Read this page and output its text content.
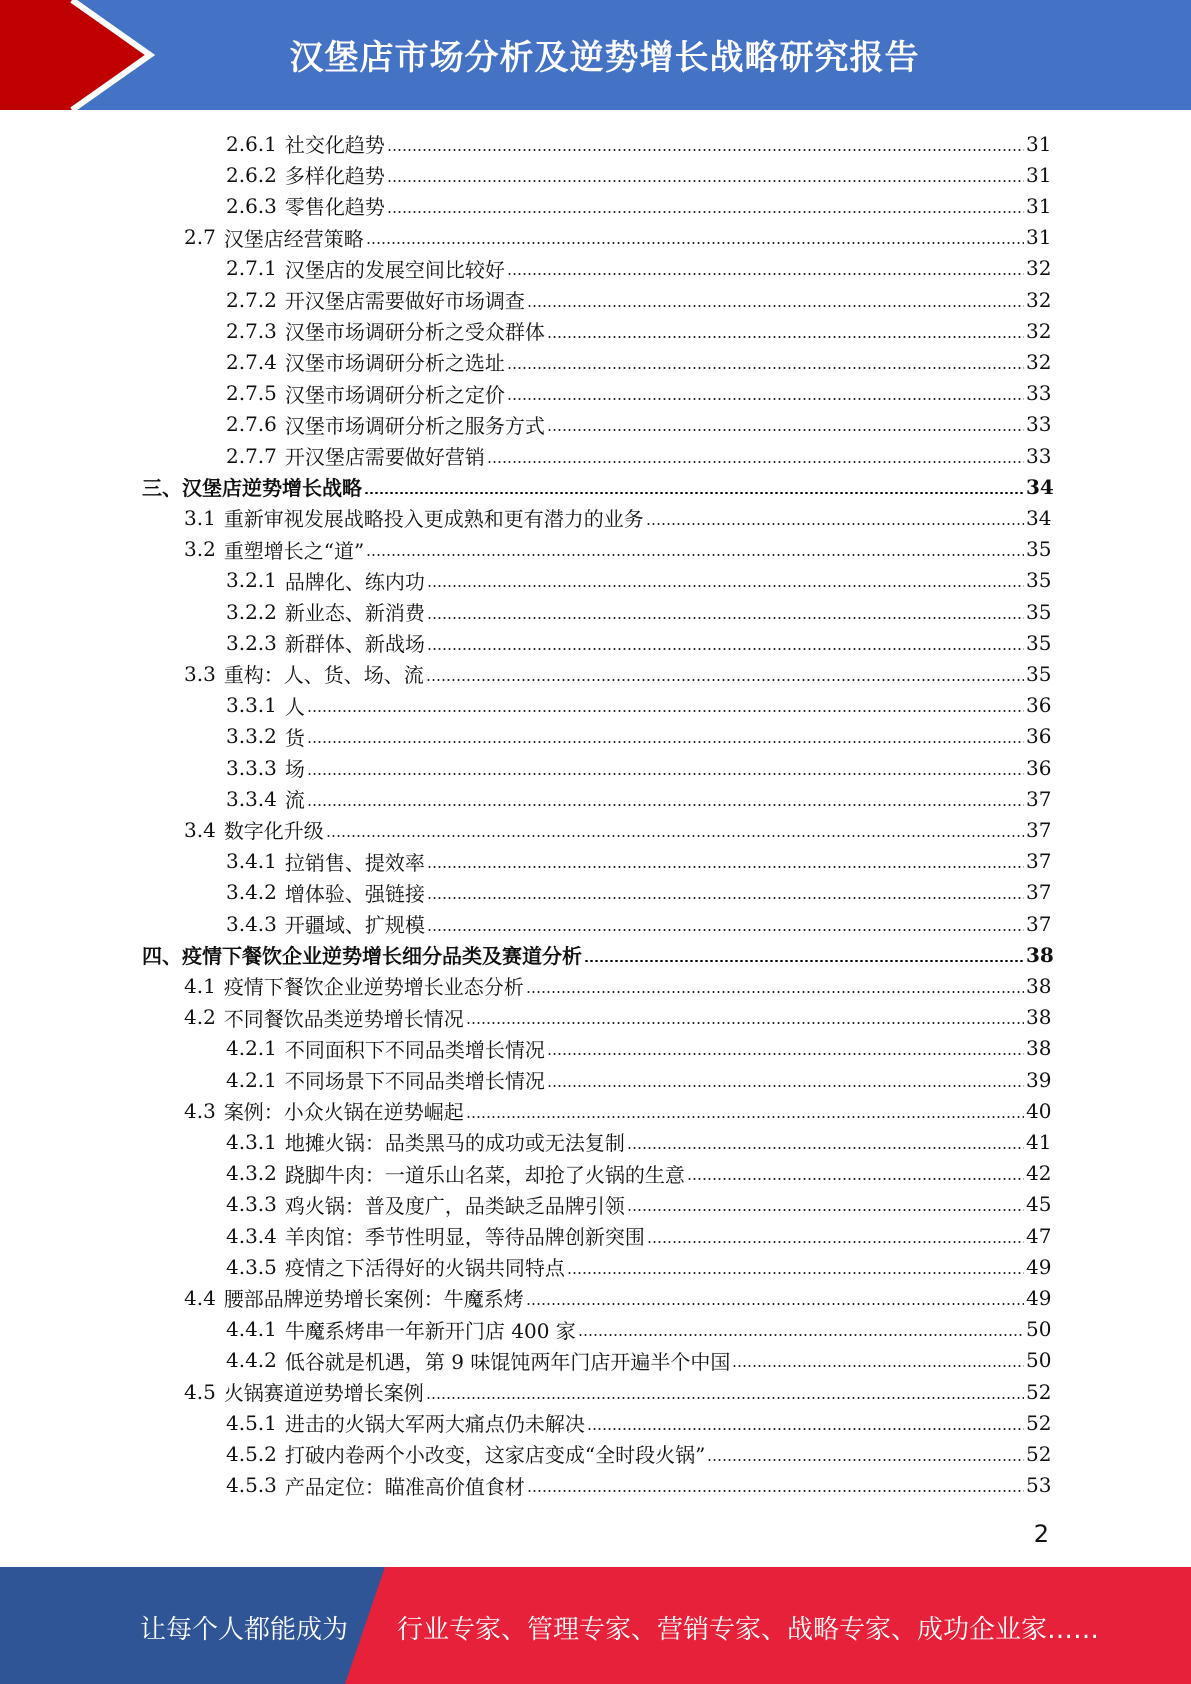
汉堡店市场分析及逆势增长战略研究报告
2.6.1 社交化趋势	31
2.6.2 多样化趋势	31
2.6.3 零售化趋势	31
2.7 汉堡店经营策略	31
2.7.1 汉堡店的发展空间比较好	32
2.7.2 开汉堡店需要做好市场调查	32
2.7.3 汉堡市场调研分析之受众群体	32
2.7.4 汉堡市场调研分析之选址	32
2.7.5 汉堡市场调研分析之定价	33
2.7.6 汉堡市场调研分析之服务方式	33
2.7.7 开汉堡店需要做好营销	33
三、汉堡店逆势增长战略	34
3.1 重新审视发展战略投入更成熟和更有潜力的业务	34
3.2 重塑增长之“道”	35
3.2.1 品牌化、练内功	35
3.2.2 新业态、新消费	35
3.2.3 新群体、新战场	35
3.3 重构：人、货、场、流	35
3.3.1 人	36
3.3.2 货	36
3.3.3 场	36
3.3.4 流	37
3.4 数字化升级	37
3.4.1 拉销售、提效率	37
3.4.2 增体验、强链接	37
3.4.3 开疆域、扩规模	37
四、疫情下餐饮企业逆势增长细分品类及赛道分析	38
4.1 疫情下餐饮企业逆势增长业态分析	38
4.2 不同餐饮品类逆势增长情况	38
4.2.1 不同面积下不同品类增长情况	38
4.2.1 不同场景下不同品类增长情况	39
4.3 案例：小众火锅在逆势崛起	40
4.3.1 地摊火锅：品类黑马的成功或无法复制	41
4.3.2 跷脚牛肉：一道乐山名菜，却抢了火锅的生意	42
4.3.3 鸡火锅：普及度广，品类缺乏品牌引领	45
4.3.4 羊肉馆：季节性明显，等待品牌创新突围	47
4.3.5 疫情之下活得好的火锅共同特点	49
4.4 腰部品牌逆势增长案例：牛魔系烤	49
4.4.1 牛魔系烤串一年新开门店 400 家	50
4.4.2 低谷就是机遇，第 9 味馄饨两年门店开遍半个中国	50
4.5 火锅赛道逆势增长案例	52
4.5.1 进击的火锅大军两大痛点仍未解决	52
4.5.2 打破内卷两个小改变，这家店变成“全时段火锅”	52
4.5.3 产品定位：瞄准高价值食材	53
2
让每个人都能成为 行业专家、管理专家、营销专家、战略专家、成功企业家……
